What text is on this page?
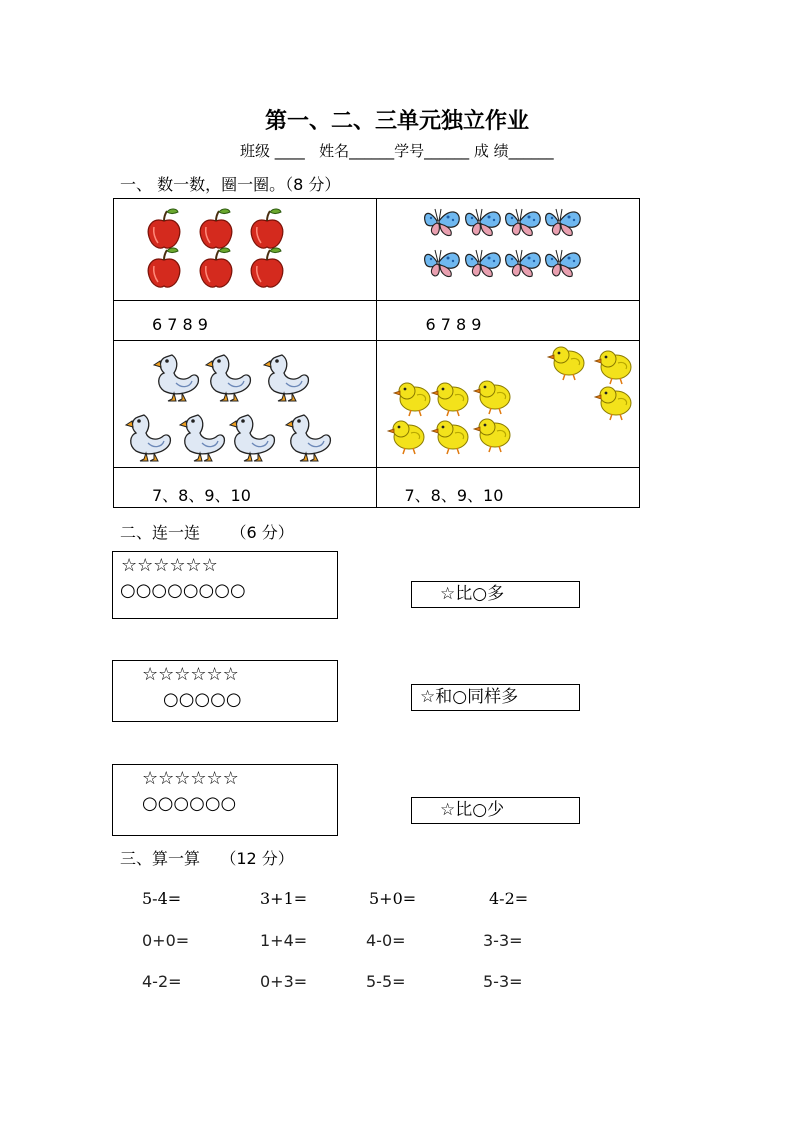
第一、二、三单元独立作业
班级 ____   姓名______学号______ 成 绩______
一、 数一数，圈一圈。（8 分）

6 7 8 9	6 7 8 9

7、8、9、10	7、8、9、10
二、连一连      （6 分）
☆☆☆☆☆☆
○○○○○○○○
☆☆☆☆☆☆
○○○○○
☆☆☆☆☆☆
○○○○○○
☆比○多
☆和○同样多
☆比○少
三、算一算    （12 分）
5-4=	3+1=	5+0=	4-2=
0+0=	1+4=	4-0=	3-3=
4-2=	0+3=	5-5=	5-3=
